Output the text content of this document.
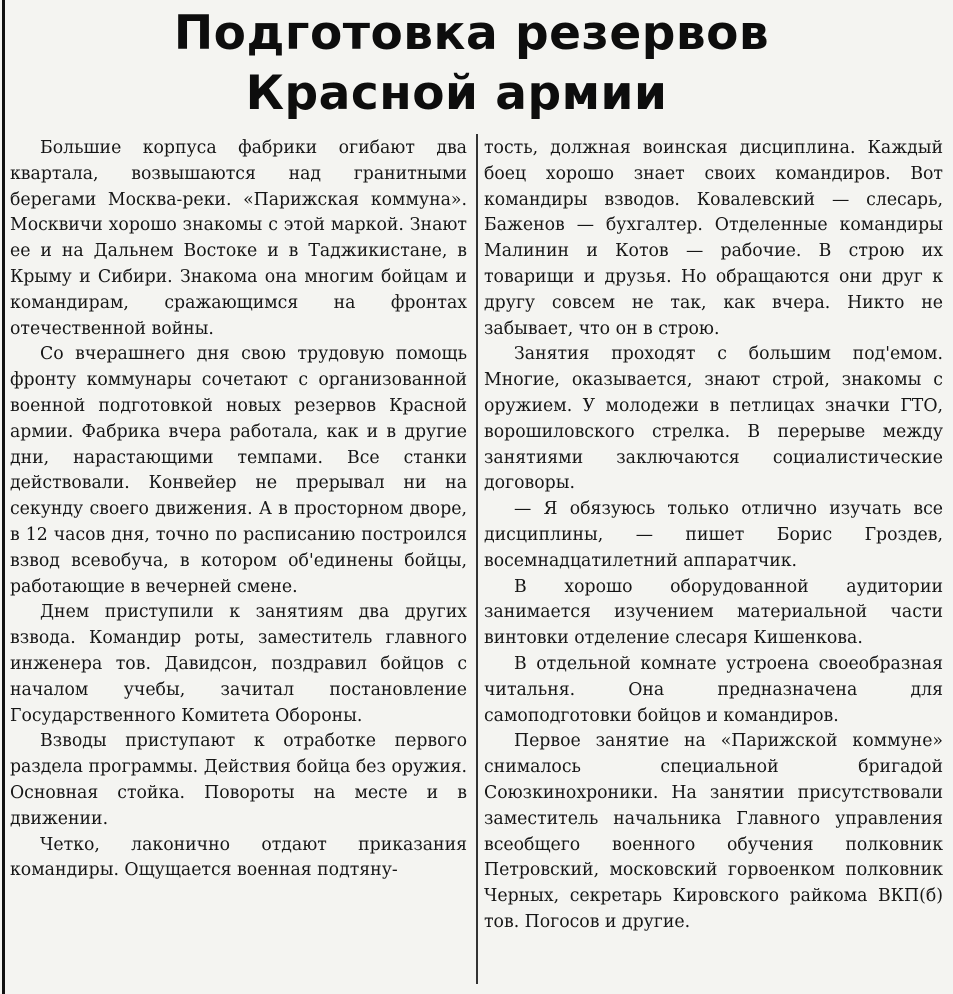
Подготовка резервов
Красной армии

Большие корпуса фабрики огибают два квартала, возвышаются над гранитными берегами Москва-реки. «Парижская коммуна». Москвичи хорошо знакомы с этой маркой. Знают ее и на Дальнем Востоке и в Таджикистане, в Крыму и Сибири. Знакома она многим бойцам и командирам, сражающимся на фронтах отечественной войны.

Со вчерашнего дня свою трудовую помощь фронту коммунары сочетают с организованной военной подготовкой новых резервов Красной армии. Фабрика вчера работала, как и в другие дни, нарастающими темпами. Все станки действовали. Конвейер не прерывал ни на секунду своего движения. А в просторном дворе, в 12 часов дня, точно по расписанию построился взвод всевобуча, в котором об'единены бойцы, работающие в вечерней смене.

Днем приступили к занятиям два других взвода. Командир роты, заместитель главного инженера тов. Давидсон, поздравил бойцов с началом учебы, зачитал постановление Государственного Комитета Обороны.

Взводы приступают к отработке первого раздела программы. Действия бойца без оружия. Основная стойка. Повороты на месте и в движении.

Четко, лаконично отдают приказания командиры. Ощущается военная подтяну-

тость, должная воинская дисциплина. Каждый боец хорошо знает своих командиров. Вот командиры взводов. Ковалевский — слесарь, Баженов — бухгалтер. Отделенные командиры Малинин и Котов — рабочие. В строю их товарищи и друзья. Но обращаются они друг к другу совсем не так, как вчера. Никто не забывает, что он в строю.

Занятия проходят с большим под'емом. Многие, оказывается, знают строй, знакомы с оружием. У молодежи в петлицах значки ГТО, ворошиловского стрелка. В перерыве между занятиями заключаются социалистические договоры.

— Я обязуюсь только отлично изучать все дисциплины, — пишет Борис Гроздев, восемнадцатилетний аппаратчик.

В хорошо оборудованной аудитории занимается изучением материальной части винтовки отделение слесаря Кишенкова.

В отдельной комнате устроена своеобразная читальня. Она предназначена для самоподготовки бойцов и командиров.

Первое занятие на «Парижской коммуне» снималось специальной бригадой Союзкинохроники. На занятии присутствовали заместитель начальника Главного управления всеобщего военного обучения полковник Петровский, московский горвоенком полковник Черных, секретарь Кировского райкома ВКП(б) тов. Погосов и другие.
